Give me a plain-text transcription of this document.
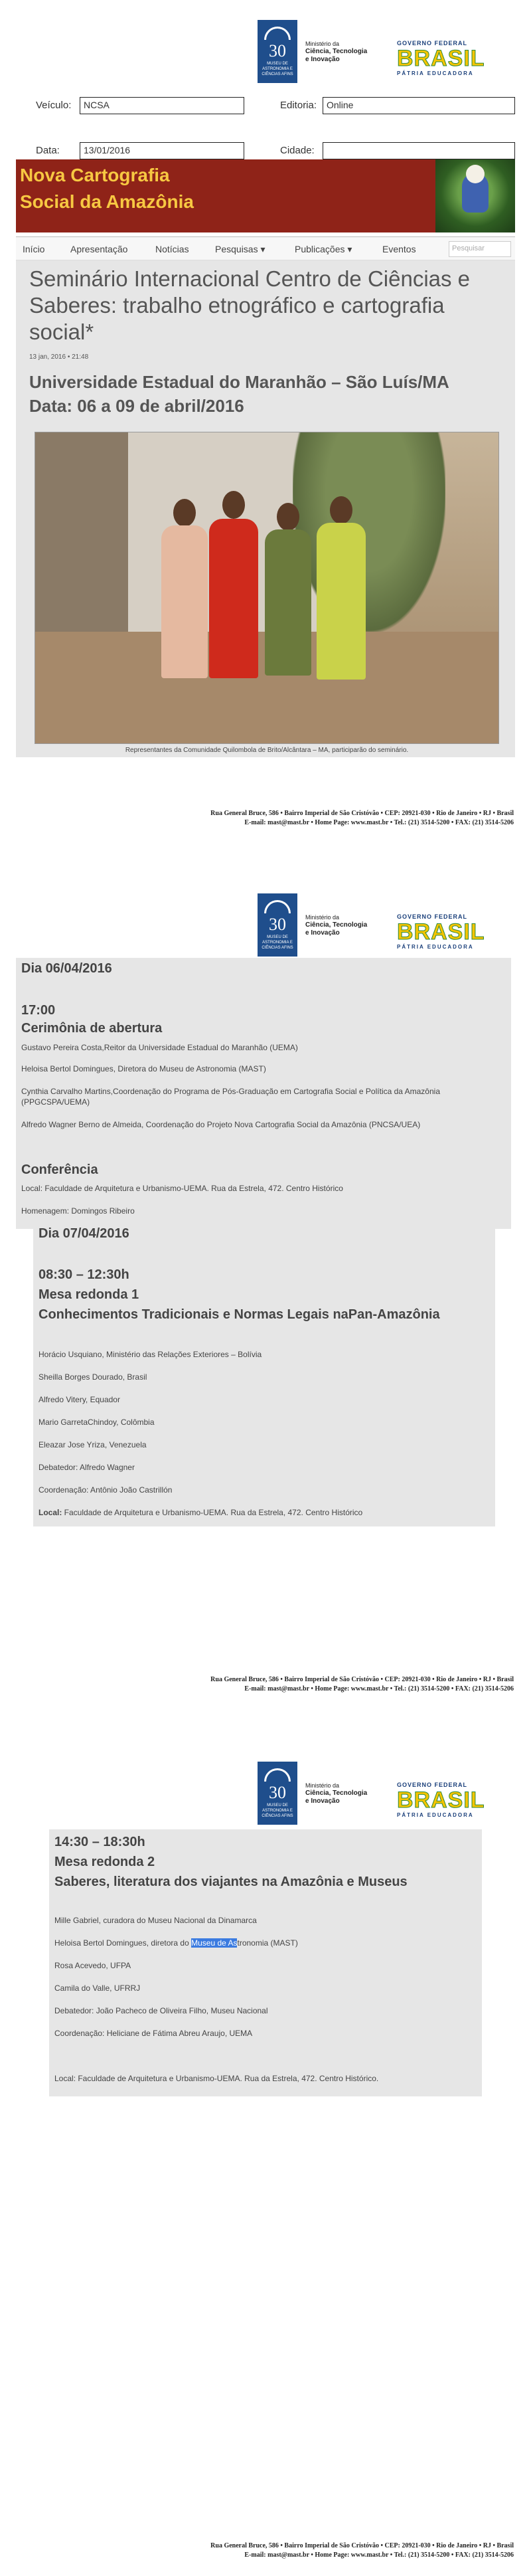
30
MUSEU DE ASTRONOMIA E CIÊNCIAS AFINS
Ministério da
Ciência, Tecnologia
e Inovação
GOVERNO FEDERAL
BRASIL
PÁTRIA EDUCADORA
Veículo:	NCSA	Editoria:	Online
Data:	13/01/2016	Cidade:
Nova Cartografia
Social da Amazônia
Início	Apresentação	Notícias	Pesquisas ▾	Publicações ▾	Eventos	Pesquisar
Seminário Internacional Centro de Ciências e
Saberes: trabalho etnográfico e cartografia
social*
13 jan, 2016 • 21:48
Universidade Estadual do Maranhão – São Luís/MA
Data: 06 a 09 de abril/2016
Representantes da Comunidade Quilombola de Brito/Alcântara – MA, participarão do seminário.
Rua General Bruce, 586 • Bairro Imperial de São Cristóvão • CEP: 20921-030 • Rio de Janeiro • RJ • Brasil
E-mail: mast@mast.br • Home Page: www.mast.br • Tel.: (21) 3514-5200 • FAX: (21) 3514-5206
30
MUSEU DE ASTRONOMIA E CIÊNCIAS AFINS
Ministério da
Ciência, Tecnologia
e Inovação
GOVERNO FEDERAL
BRASIL
PÁTRIA EDUCADORA
Dia 06/04/2016
17:00
Cerimônia de abertura
Gustavo Pereira Costa,Reitor da Universidade Estadual do Maranhão (UEMA)
Heloisa Bertol Domingues, Diretora do Museu de Astronomia (MAST)
Cynthia Carvalho Martins,Coordenação do Programa de Pós-Graduação em Cartografia Social e Política da Amazônia
(PPGCSPA/UEMA)
Alfredo Wagner Berno de Almeida, Coordenação do Projeto Nova Cartografia Social da Amazônia (PNCSA/UEA)
Conferência
Local: Faculdade de Arquitetura e Urbanismo-UEMA. Rua da Estrela, 472. Centro Histórico
Homenagem: Domingos Ribeiro
Dia 07/04/2016
08:30 – 12:30h
Mesa redonda 1
Conhecimentos Tradicionais e Normas Legais naPan-Amazônia
Horácio Usquiano, Ministério das Relações Exteriores – Bolívia
Sheilla Borges Dourado, Brasil
Alfredo Vitery, Equador
Mario GarretaChindoy, Colômbia
Eleazar Jose Yriza, Venezuela
Debatedor: Alfredo Wagner
Coordenação: Antônio João Castrillón
Local: Faculdade de Arquitetura e Urbanismo-UEMA. Rua da Estrela, 472. Centro Histórico
Rua General Bruce, 586 • Bairro Imperial de São Cristóvão • CEP: 20921-030 • Rio de Janeiro • RJ • Brasil
E-mail: mast@mast.br • Home Page: www.mast.br • Tel.: (21) 3514-5200 • FAX: (21) 3514-5206
30
MUSEU DE ASTRONOMIA E CIÊNCIAS AFINS
Ministério da
Ciência, Tecnologia
e Inovação
GOVERNO FEDERAL
BRASIL
PÁTRIA EDUCADORA
14:30 – 18:30h
Mesa redonda 2
Saberes, literatura dos viajantes na Amazônia e Museus
Mille Gabriel, curadora do Museu Nacional da Dinamarca
Heloisa Bertol Domingues, diretora do Museu de Astronomia (MAST)
Rosa Acevedo, UFPA
Camila do Valle, UFRRJ
Debatedor: João Pacheco de Oliveira Filho, Museu Nacional
Coordenação: Heliciane de Fátima Abreu Araujo, UEMA
Local: Faculdade de Arquitetura e Urbanismo-UEMA. Rua da Estrela, 472. Centro Histórico.
Rua General Bruce, 586 • Bairro Imperial de São Cristóvão • CEP: 20921-030 • Rio de Janeiro • RJ • Brasil
E-mail: mast@mast.br • Home Page: www.mast.br • Tel.: (21) 3514-5200 • FAX: (21) 3514-5206
